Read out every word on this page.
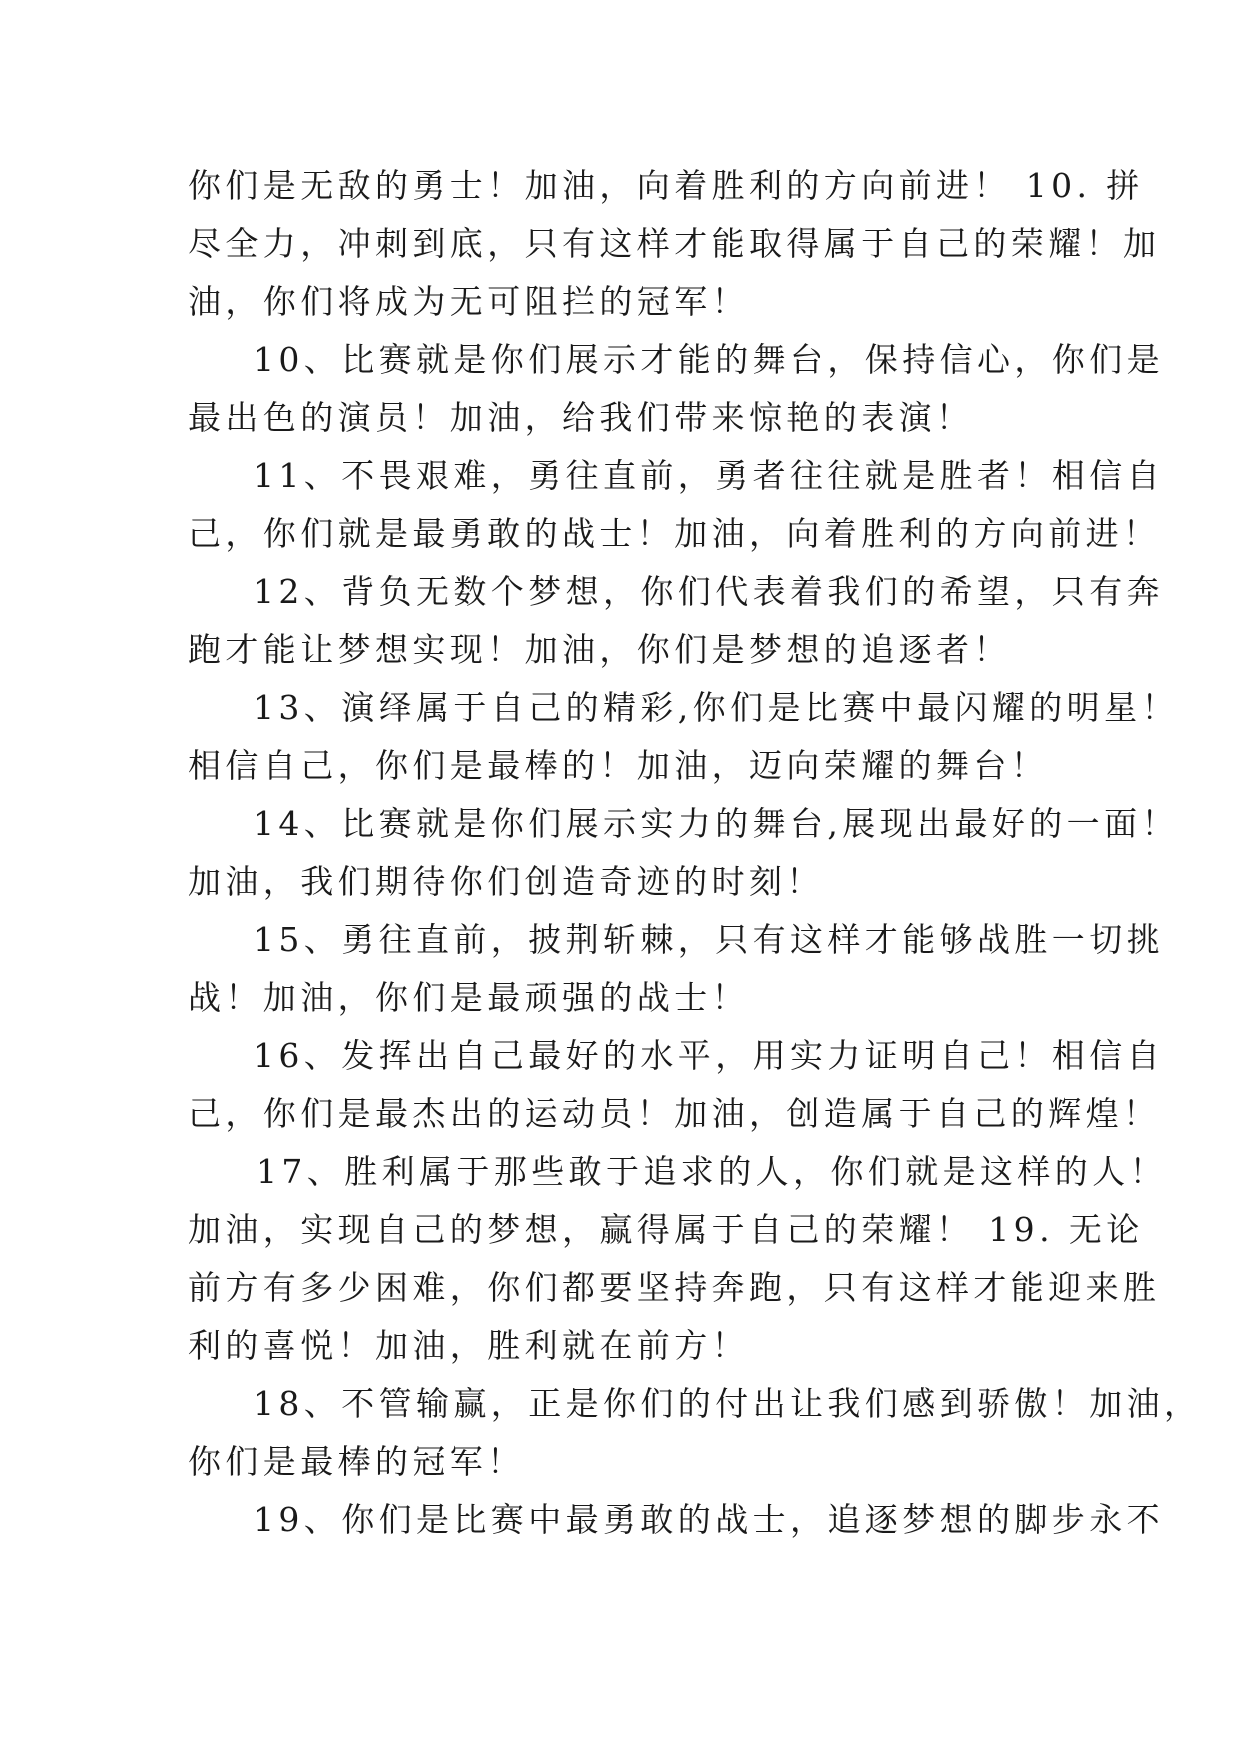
你们是无敌的勇士！加油，向着胜利的方向前进！ 10. 拼
尽全力，冲刺到底，只有这样才能取得属于自己的荣耀！加
油，你们将成为无可阻拦的冠军！
10、比赛就是你们展示才能的舞台，保持信心，你们是
最出色的演员！加油，给我们带来惊艳的表演！
11、不畏艰难，勇往直前，勇者往往就是胜者！相信自
己，你们就是最勇敢的战士！加油，向着胜利的方向前进！
12、背负无数个梦想，你们代表着我们的希望，只有奔
跑才能让梦想实现！加油，你们是梦想的追逐者！
13、演绎属于自己的精彩,你们是比赛中最闪耀的明星！
相信自己，你们是最棒的！加油，迈向荣耀的舞台！
14、比赛就是你们展示实力的舞台,展现出最好的一面！
加油，我们期待你们创造奇迹的时刻！
15、勇往直前，披荆斩棘，只有这样才能够战胜一切挑
战！加油，你们是最顽强的战士！
16、发挥出自己最好的水平，用实力证明自己！相信自
己，你们是最杰出的运动员！加油，创造属于自己的辉煌！
17、胜利属于那些敢于追求的人，你们就是这样的人！
加油，实现自己的梦想，赢得属于自己的荣耀！ 19. 无论
前方有多少困难，你们都要坚持奔跑，只有这样才能迎来胜
利的喜悦！加油，胜利就在前方！
18、不管输赢，正是你们的付出让我们感到骄傲！加油，
你们是最棒的冠军！
19、你们是比赛中最勇敢的战士，追逐梦想的脚步永不
